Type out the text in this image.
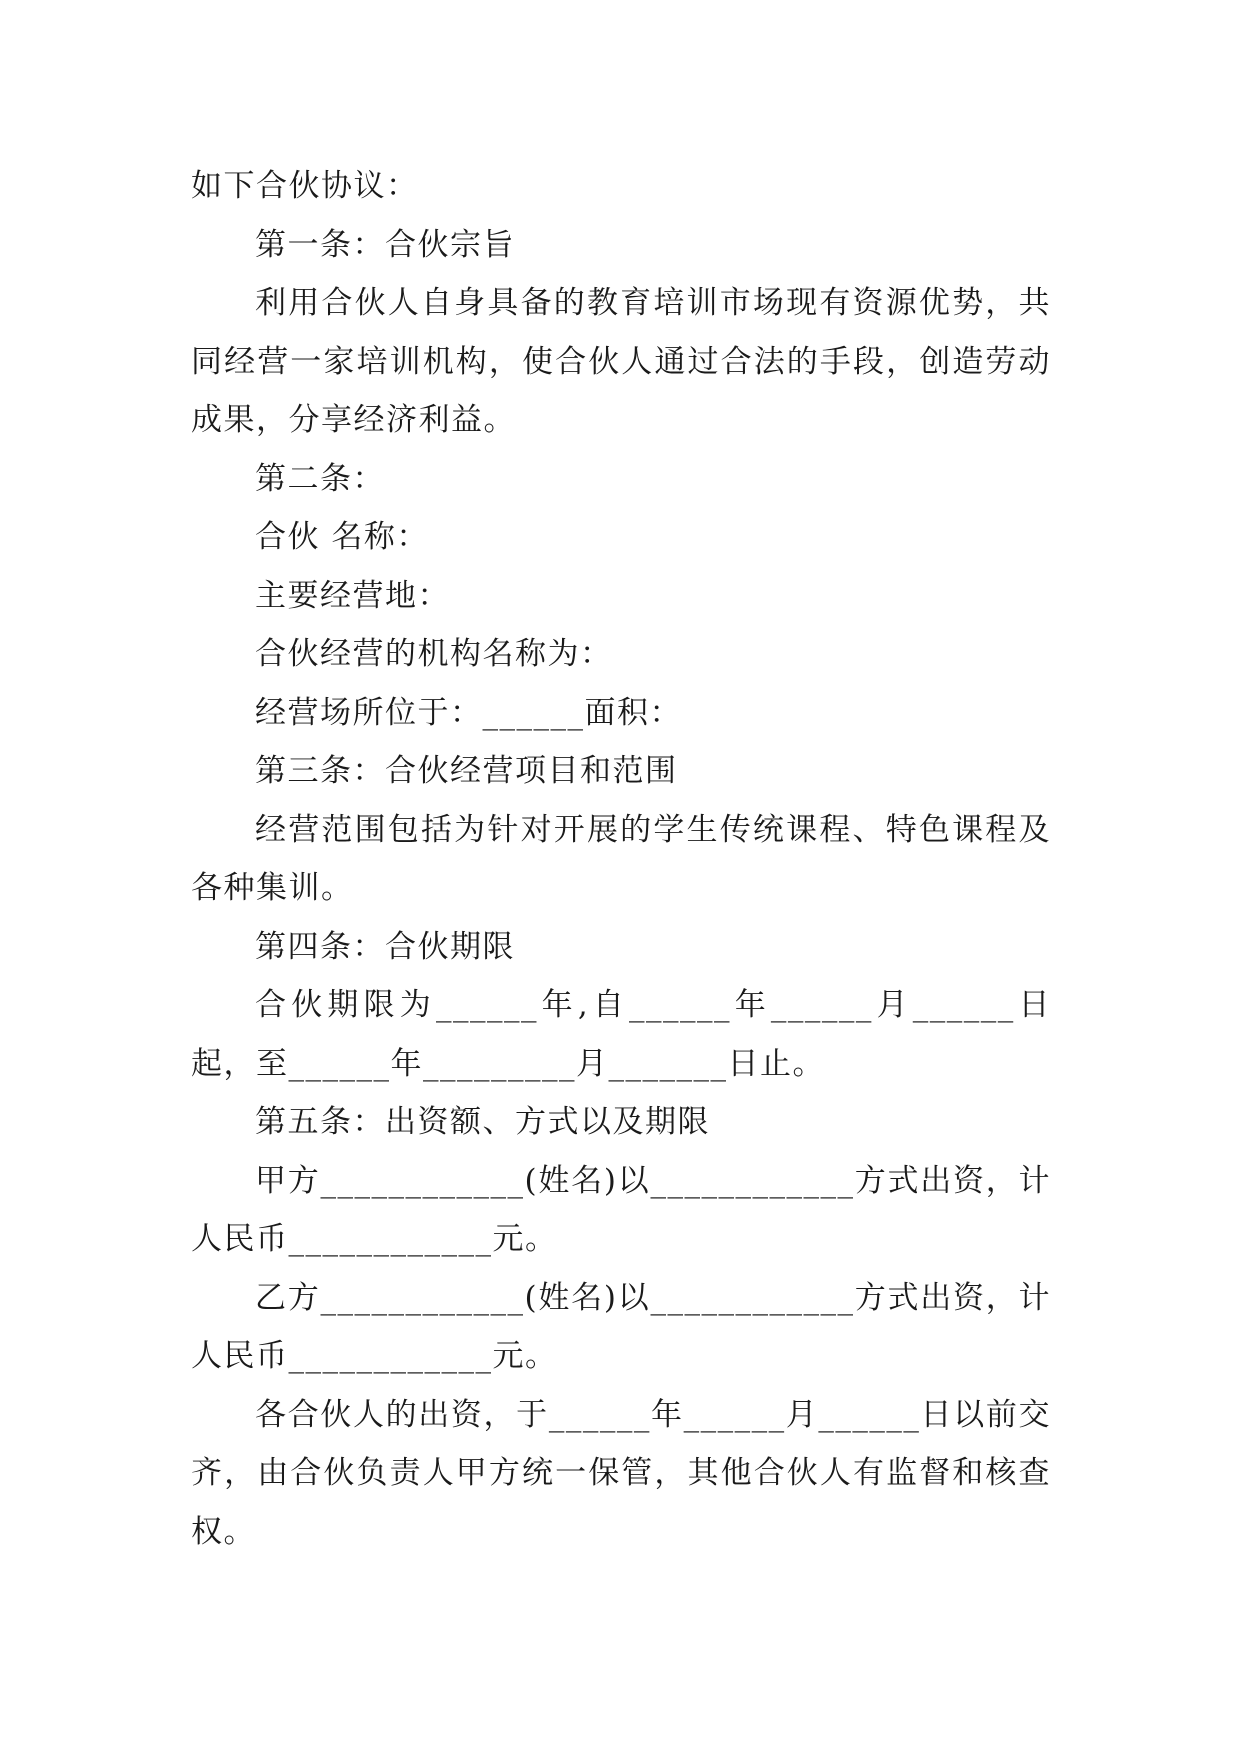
如下合伙协议：

第一条：合伙宗旨

利用合伙人自身具备的教育培训市场现有资源优势，共同经营一家培训机构，使合伙人通过合法的手段，创造劳动成果，分享经济利益。

第二条：

合伙 名称：

主要经营地：

合伙经营的机构名称为：

经营场所位于：______面积：

第三条：合伙经营项目和范围

经营范围包括为针对开展的学生传统课程、特色课程及各种集训。

第四条：合伙期限

合伙期限为______年,自______年______月______日起，至______年_________月_______日止。

第五条：出资额、方式以及期限

甲方____________(姓名)以____________方式出资，计人民币____________元。

乙方____________(姓名)以____________方式出资，计人民币____________元。

各合伙人的出资，于______年______月______日以前交齐，由合伙负责人甲方统一保管，其他合伙人有监督和核查权。
